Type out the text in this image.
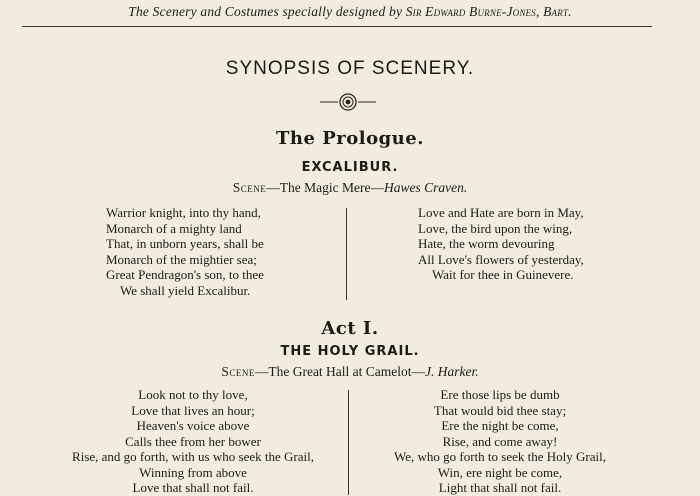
The Scenery and Costumes specially designed by Sir Edward Burne-Jones, Bart.
SYNOPSIS OF SCENERY.
The Prologue.
EXCALIBUR.
Scene—The Magic Mere—Hawes Craven.
Warrior knight, into thy hand,
Monarch of a mighty land
That, in unborn years, shall be
Monarch of the mightier sea;
Great Pendragon's son, to thee
We shall yield Excalibur.
Love and Hate are born in May,
Love, the bird upon the wing,
Hate, the worm devouring
All Love's flowers of yesterday,
Wait for thee in Guinevere.
Act I.
THE HOLY GRAIL.
Scene—The Great Hall at Camelot—J. Harker.
Look not to thy love,
Love that lives an hour;
Heaven's voice above
Calls thee from her bower
Rise, and go forth, with us who seek the Grail,
Winning from above
Love that shall not fail.
Ere those lips be dumb
That would bid thee stay;
Ere the night be come,
Rise, and come away!
We, who go forth to seek the Holy Grail,
Win, ere night be come,
Light that shall not fail.
